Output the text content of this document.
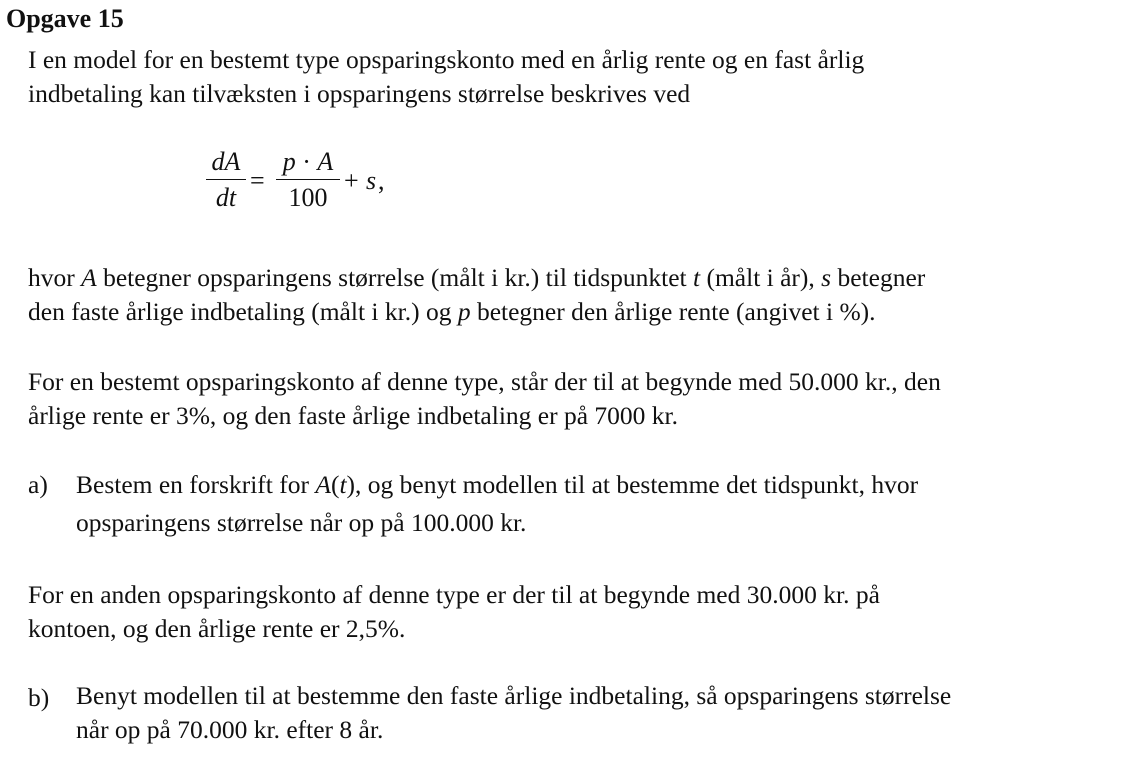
Opgave 15
I en model for en bestemt type opsparingskonto med en årlig rente og en fast årlig
indbetaling kan tilvæksten i opsparingens størrelse beskrives ved
dA
dt
=
p · A
100
+ s ,
hvor A betegner opsparingens størrelse (målt i kr.) til tidspunktet t (målt i år), s betegner
den faste årlige indbetaling (målt i kr.) og p betegner den årlige rente (angivet i %).
For en bestemt opsparingskonto af denne type, står der til at begynde med 50.000 kr., den
årlige rente er 3%, og den faste årlige indbetaling er på 7000 kr.
a) Bestem en forskrift for A(t), og benyt modellen til at bestemme det tidspunkt, hvor
opsparingens størrelse når op på 100.000 kr.
For en anden opsparingskonto af denne type er der til at begynde med 30.000 kr. på
kontoen, og den årlige rente er 2,5%.
b) Benyt modellen til at bestemme den faste årlige indbetaling, så opsparingens størrelse
når op på 70.000 kr. efter 8 år.
